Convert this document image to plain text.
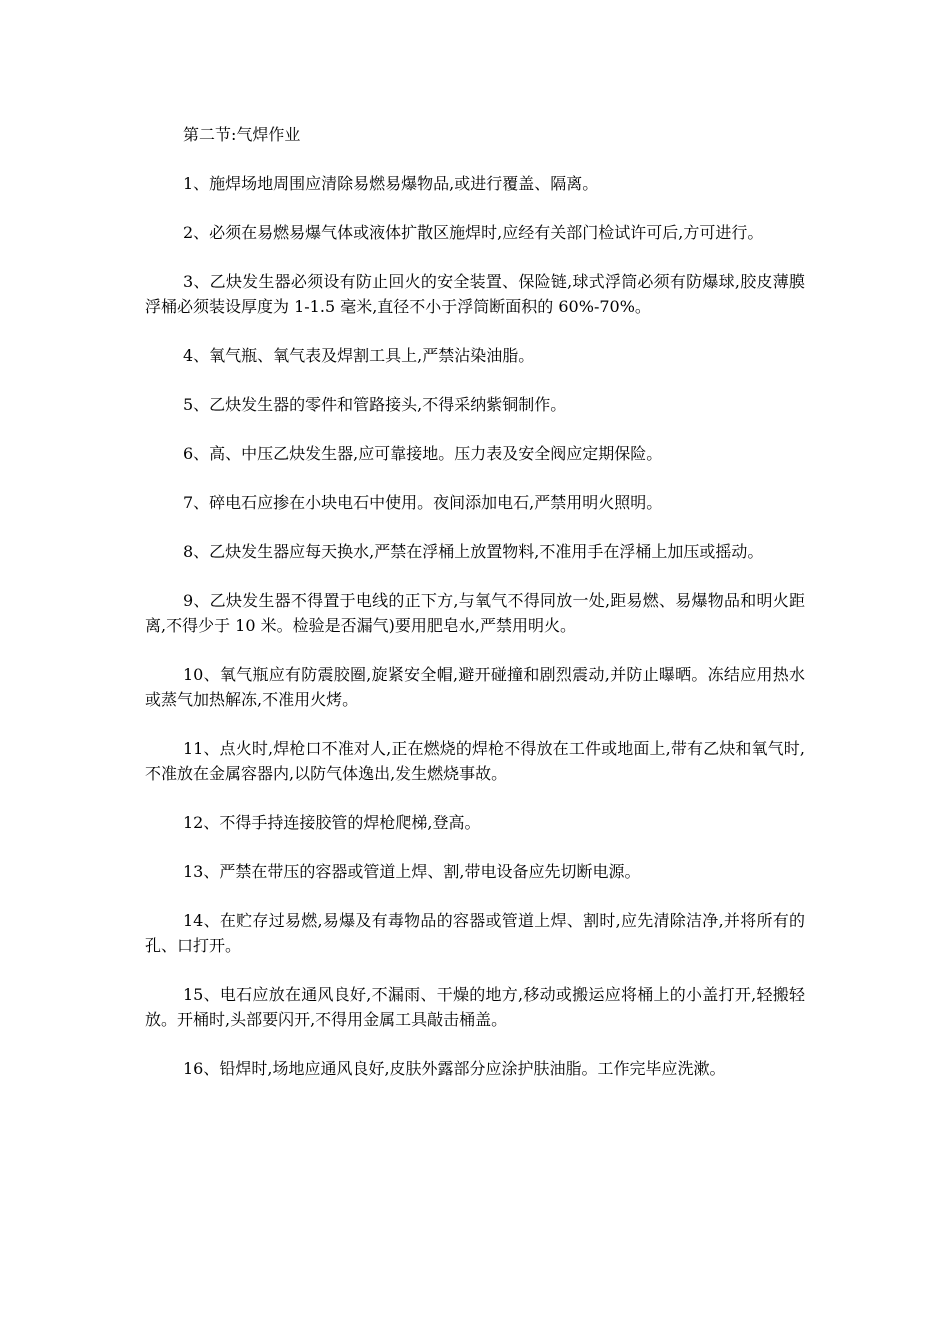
第二节:气焊作业

1、施焊场地周围应清除易燃易爆物品,或进行覆盖、隔离。

2、必须在易燃易爆气体或液体扩散区施焊时,应经有关部门检试许可后,方可进行。

3、乙炔发生器必须设有防止回火的安全装置、保险链,球式浮筒必须有防爆球,胶皮薄膜浮桶必须装设厚度为 1-1.5 毫米,直径不小于浮筒断面积的 60%-70%。

4、氧气瓶、氧气表及焊割工具上,严禁沾染油脂。

5、乙炔发生器的零件和管路接头,不得采纳紫铜制作。

6、高、中压乙炔发生器,应可靠接地。压力表及安全阀应定期保险。

7、碎电石应掺在小块电石中使用。夜间添加电石,严禁用明火照明。

8、乙炔发生器应每天换水,严禁在浮桶上放置物料,不准用手在浮桶上加压或摇动。

9、乙炔发生器不得置于电线的正下方,与氧气不得同放一处,距易燃、易爆物品和明火距离,不得少于 10 米。检验是否漏气)要用肥皂水,严禁用明火。

10、氧气瓶应有防震胶圈,旋紧安全帽,避开碰撞和剧烈震动,并防止曝晒。冻结应用热水或蒸气加热解冻,不准用火烤。

11、点火时,焊枪口不准对人,正在燃烧的焊枪不得放在工件或地面上,带有乙炔和氧气时,不准放在金属容器内,以防气体逸出,发生燃烧事故。

12、不得手持连接胶管的焊枪爬梯,登高。

13、严禁在带压的容器或管道上焊、割,带电设备应先切断电源。

14、在贮存过易燃,易爆及有毒物品的容器或管道上焊、割时,应先清除洁净,并将所有的孔、口打开。

15、电石应放在通风良好,不漏雨、干燥的地方,移动或搬运应将桶上的小盖打开,轻搬轻放。开桶时,头部要闪开,不得用金属工具敲击桶盖。

16、铅焊时,场地应通风良好,皮肤外露部分应涂护肤油脂。工作完毕应洗漱。
